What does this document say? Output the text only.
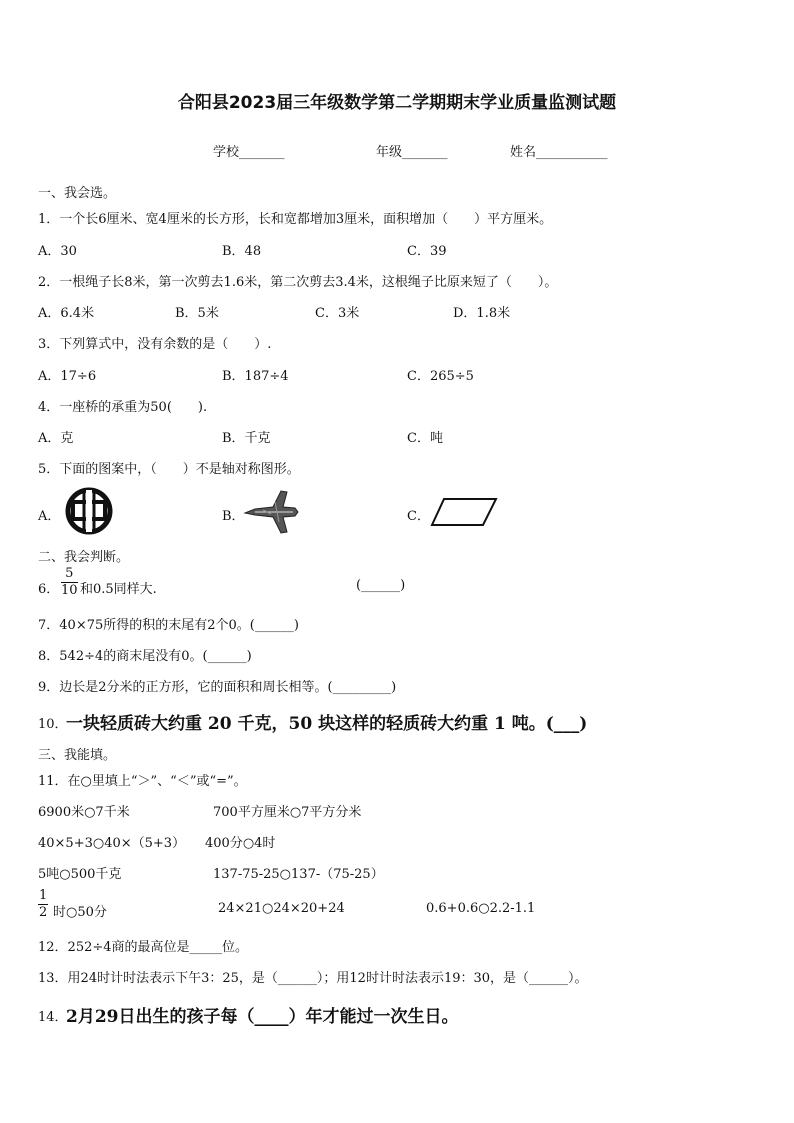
合阳县2023届三年级数学第二学期期末学业质量监测试题
学校_______	年级_______	姓名___________
一、我会选。
1．一个长6厘米、宽4厘米的长方形，长和宽都增加3厘米，面积增加（　　）平方厘米。
A．30	B．48	C．39
2．一根绳子长8米，第一次剪去1.6米，第二次剪去3.4米，这根绳子比原来短了（　　）。
A．6.4米	B．5米	C．3米	D．1.8米
3．下列算式中，没有余数的是（　　）.
A．17÷6	B．187÷4	C．265÷5
4．一座桥的承重为50(　　).
A．克	B．千克	C．吨
5．下面的图案中，（　　）不是轴对称图形。
A．	B．	C．
二、我会判断。
6． $\frac{5}{10}$ 和0.5同样大.	(______)
7．40×75所得的积的末尾有2个0。(______)
8．542÷4的商末尾没有0。(______)
9．边长是2分米的正方形，它的面积和周长相等。(_________)
10．
一块轻质砖大约重 20 千克，50 块这样的轻质砖大约重 1 吨。(___)
三、我能填。
11．在○里填上“＞”、“＜”或“=”。
6900米○7千米	700平方厘米○7平方分米
40×5+3○40×（5+3） 400分○4时
5吨○500千克	137-75-25○137-（75-25）
$\frac{1}{2}$ 时○50分	24×21○24×20+24	0.6+0.6○2.2-1.1
12．252÷4商的最高位是_____位。
13．用24时计时法表示下午3：25，是（______）；用12时计时法表示19：30，是（______）。
14．
2月29日出生的孩子每（____）年才能过一次生日。
